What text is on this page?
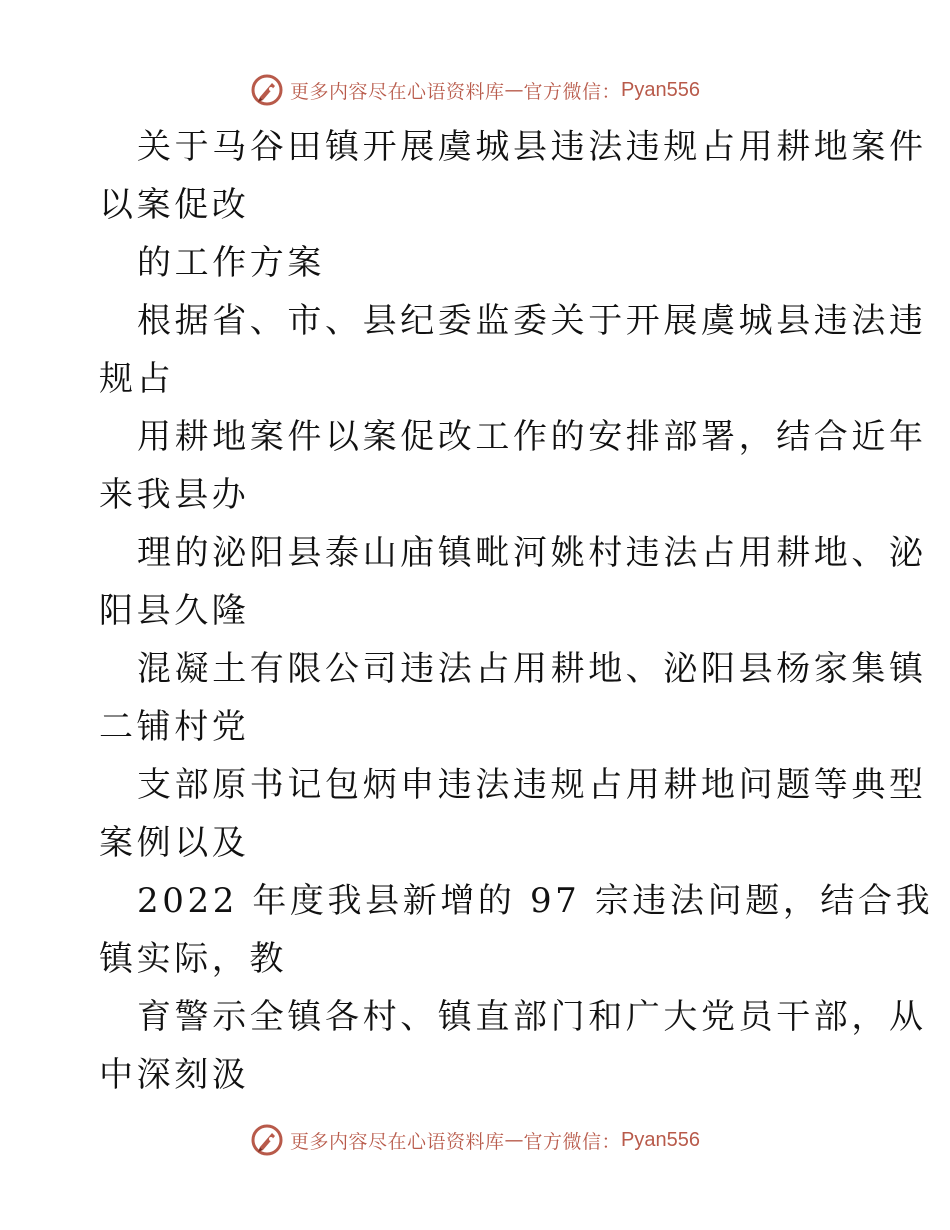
更多内容尽在心语资料库 — 官方微信： Pyan556
关于马谷田镇开展虞城县违法违规占用耕地案件
以案促改
的工作方案
根据省、市、县纪委监委关于开展虞城县违法违
规占
用耕地案件以案促改工作的安排部署，结合近年
来我县办
理的泌阳县泰山庙镇毗河姚村违法占用耕地、泌
阳县久隆
混凝土有限公司违法占用耕地、泌阳县杨家集镇
二铺村党
支部原书记包炳申违法违规占用耕地问题等典型
案例以及
2022 年度我县新增的 97 宗违法问题，结合我
镇实际，教
育警示全镇各村、镇直部门和广大党员干部，从
中深刻汲
更多内容尽在心语资料库 — 官方微信： Pyan556
